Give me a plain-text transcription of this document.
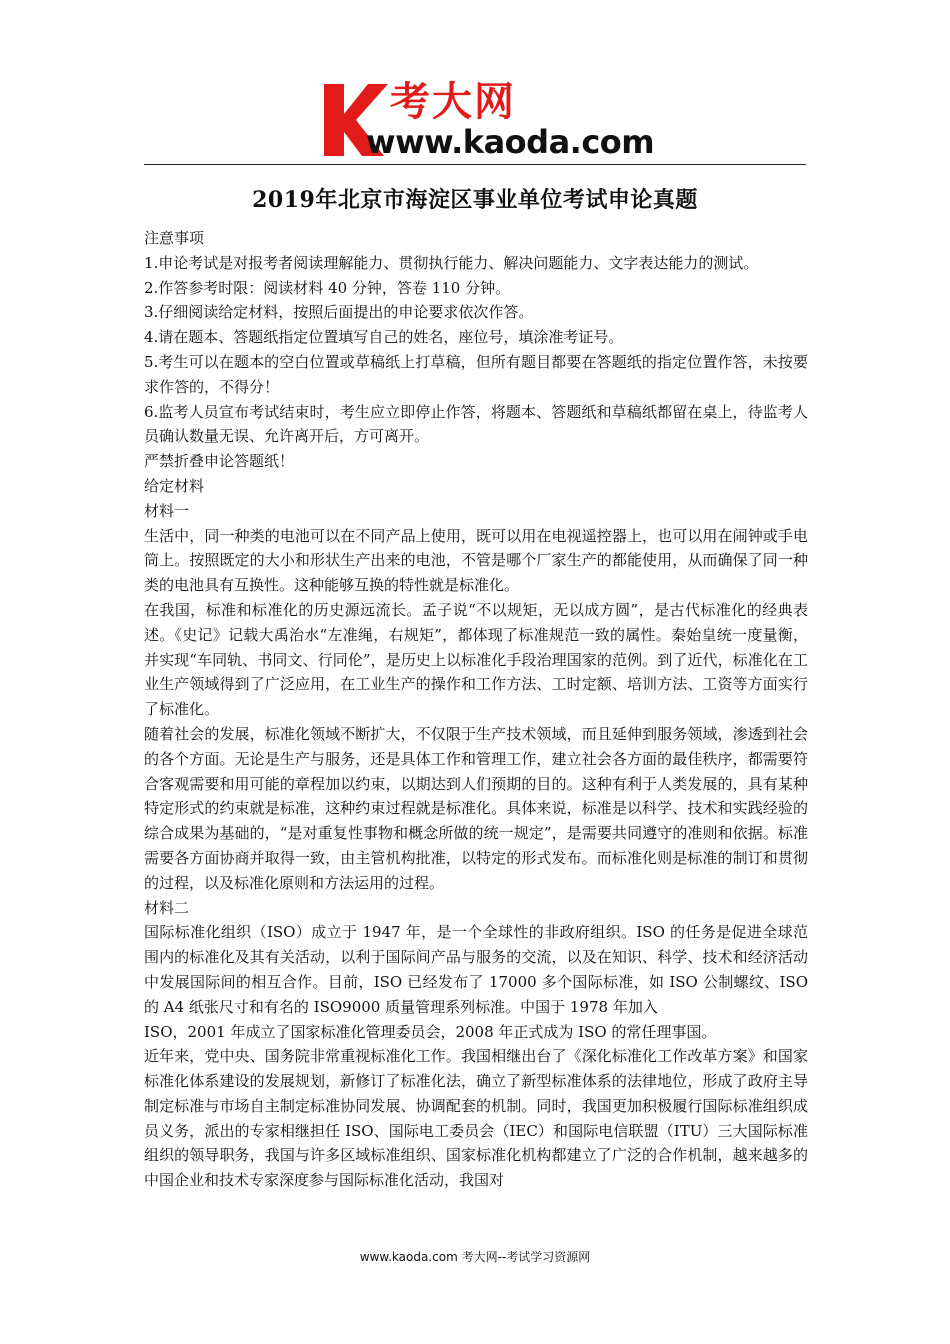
考大网
www.kaoda.com
2019年北京市海淀区事业单位考试申论真题

注意事项

1.申论考试是对报考者阅读理解能力、贯彻执行能力、解决问题能力、文字表达能力的测试。

2.作答参考时限：阅读材料 40 分钟，答卷 110 分钟。

3.仔细阅读给定材料，按照后面提出的申论要求依次作答。

4.请在题本、答题纸指定位置填写自己的姓名，座位号，填涂准考证号。

5.考生可以在题本的空白位置或草稿纸上打草稿，但所有题目都要在答题纸的指定位置作答，未按要求作答的，不得分！

6.监考人员宣布考试结束时，考生应立即停止作答，将题本、答题纸和草稿纸都留在桌上，待监考人员确认数量无误、允许离开后，方可离开。

严禁折叠申论答题纸！

给定材料

材料一

生活中，同一种类的电池可以在不同产品上使用，既可以用在电视遥控器上，也可以用在闹钟或手电筒上。按照既定的大小和形状生产出来的电池，不管是哪个厂家生产的都能使用，从而确保了同一种类的电池具有互换性。这种能够互换的特性就是标准化。

在我国，标准和标准化的历史源远流长。孟子说“不以规矩，无以成方圆”，是古代标准化的经典表述。《史记》记载大禹治水“左准绳，右规矩”，都体现了标准规范一致的属性。秦始皇统一度量衡，并实现“车同轨、书同文、行同伦”，是历史上以标准化手段治理国家的范例。到了近代，标准化在工业生产领域得到了广泛应用，在工业生产的操作和工作方法、工时定额、培训方法、工资等方面实行了标准化。

随着社会的发展，标准化领域不断扩大，不仅限于生产技术领域，而且延伸到服务领域，渗透到社会的各个方面。无论是生产与服务，还是具体工作和管理工作，建立社会各方面的最佳秩序，都需要符合客观需要和用可能的章程加以约束，以期达到人们预期的目的。这种有利于人类发展的，具有某种特定形式的约束就是标准，这种约束过程就是标准化。具体来说，标准是以科学、技术和实践经验的综合成果为基础的，“是对重复性事物和概念所做的统一规定”，是需要共同遵守的准则和依据。标准需要各方面协商并取得一致，由主管机构批准，以特定的形式发布。而标准化则是标准的制订和贯彻的过程，以及标准化原则和方法运用的过程。

材料二

国际标准化组织（ISO）成立于 1947 年，是一个全球性的非政府组织。ISO 的任务是促进全球范围内的标准化及其有关活动，以利于国际间产品与服务的交流，以及在知识、科学、技术和经济活动中发展国际间的相互合作。目前，ISO 已经发布了 17000 多个国际标准，如 ISO 公制螺纹、ISO 的 A4 纸张尺寸和有名的 ISO9000 质量管理系列标准。中国于 1978 年加入

ISO，2001 年成立了国家标准化管理委员会，2008 年正式成为 ISO 的常任理事国。

近年来，党中央、国务院非常重视标准化工作。我国相继出台了《深化标准化工作改革方案》和国家标准化体系建设的发展规划，新修订了标准化法，确立了新型标准体系的法律地位，形成了政府主导制定标准与市场自主制定标准协同发展、协调配套的机制。同时，我国更加积极履行国际标准组织成员义务，派出的专家相继担任 ISO、国际电工委员会（IEC）和国际电信联盟（ITU）三大国际标准组织的领导职务，我国与许多区域标准组织、国家标准化机构都建立了广泛的合作机制，越来越多的中国企业和技术专家深度参与国际标准化活动，我国对

www.kaoda.com 考大网--考试学习资源网
